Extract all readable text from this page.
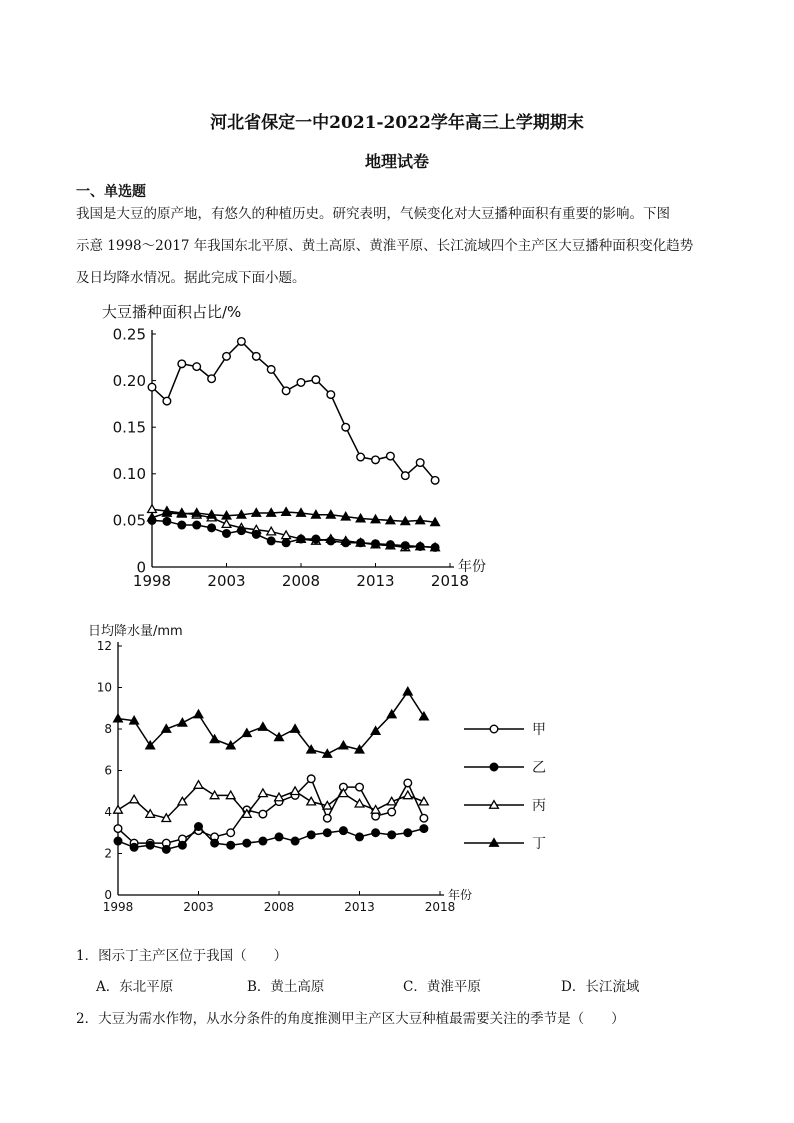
河北省保定一中2021-2022学年高三上学期期末
地理试卷
一、单选题
我国是大豆的原产地，有悠久的种植历史。研究表明，气候变化对大豆播种面积有重要的影响。下图
示意 1998～2017 年我国东北平原、黄土高原、黄淮平原、长江流域四个主产区大豆播种面积变化趋势
及日均降水情况。据此完成下面小题。
0
0.05
0.10
0.15
0.20
0.25
1998 2003 2008 2013 2018
大豆播种面积占比/%
年份
0
2
4
6
8
10
12
1998	2003	2008	2013	2018
日均降水量/mm
年份
甲
乙
丙
丁
1．图示丁主产区位于我国（　　）
A．东北平原	B．黄土高原	C．黄淮平原	D．长江流域
2．大豆为需水作物，从水分条件的角度推测甲主产区大豆种植最需要关注的季节是（　　）
